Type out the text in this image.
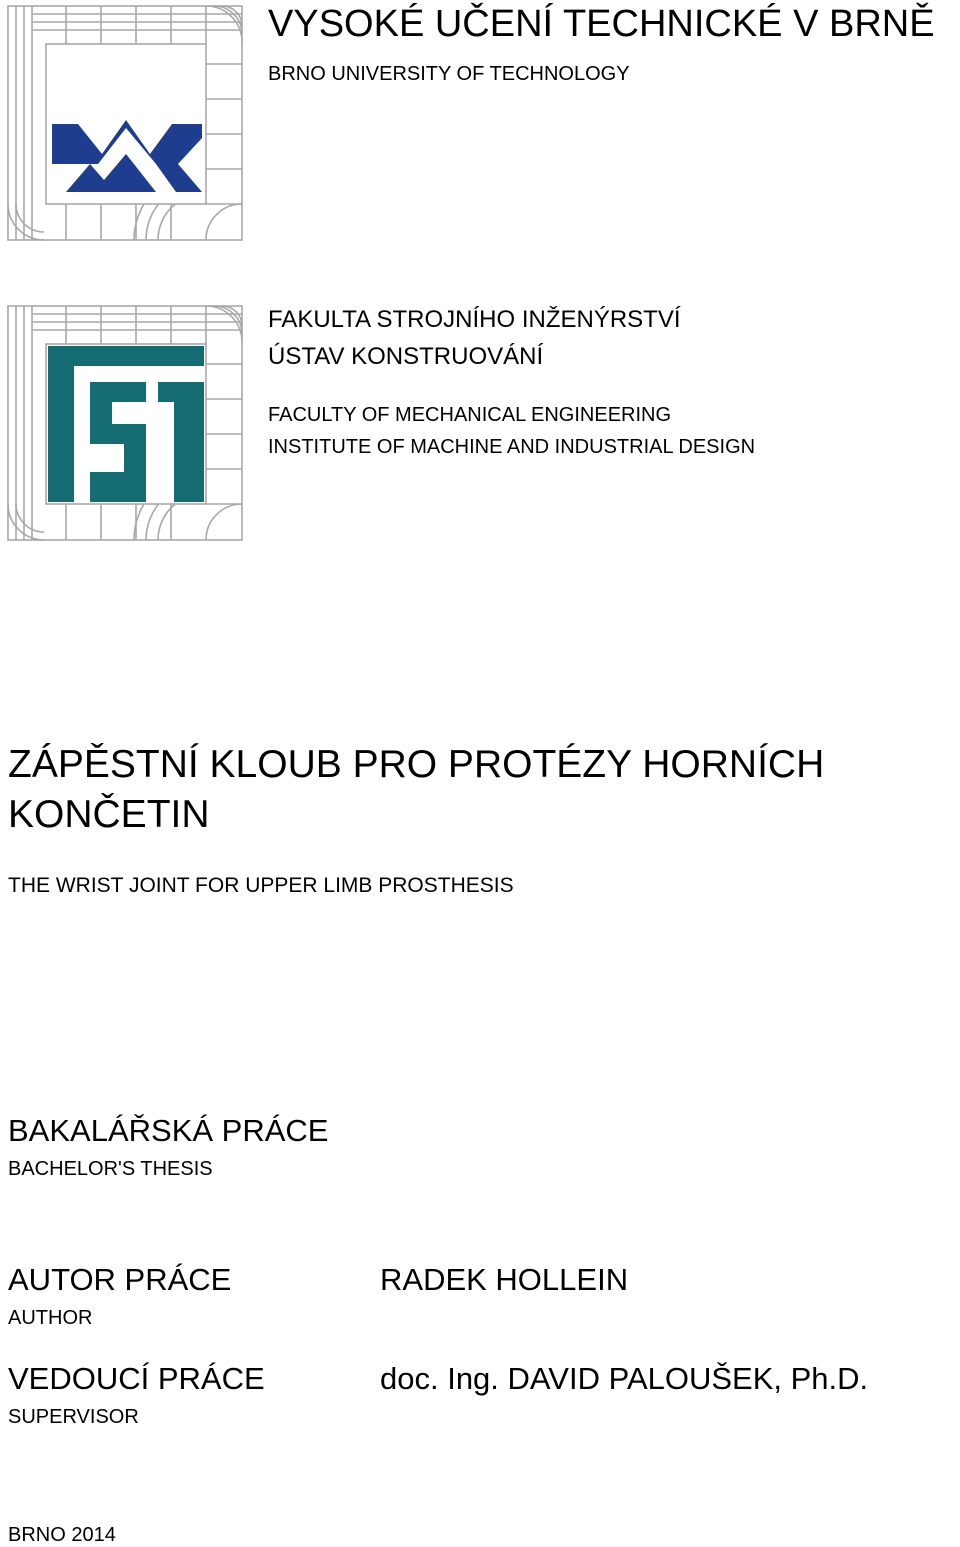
VYSOKÉ UČENÍ TECHNICKÉ V BRNĚ
BRNO UNIVERSITY OF TECHNOLOGY
FAKULTA STROJNÍHO INŽENÝRSTVÍ
ÚSTAV KONSTRUOVÁNÍ
FACULTY OF MECHANICAL ENGINEERING
INSTITUTE OF MACHINE AND INDUSTRIAL DESIGN
ZÁPĚSTNÍ KLOUB PRO PROTÉZY HORNÍCH KONČETIN
THE WRIST JOINT FOR UPPER LIMB PROSTHESIS
BAKALÁŘSKÁ PRÁCE
BACHELOR'S THESIS
AUTOR PRÁCE
AUTHOR
RADEK HOLLEIN
VEDOUCÍ PRÁCE
SUPERVISOR
doc. Ing. DAVID PALOUŠEK, Ph.D.
BRNO 2014
